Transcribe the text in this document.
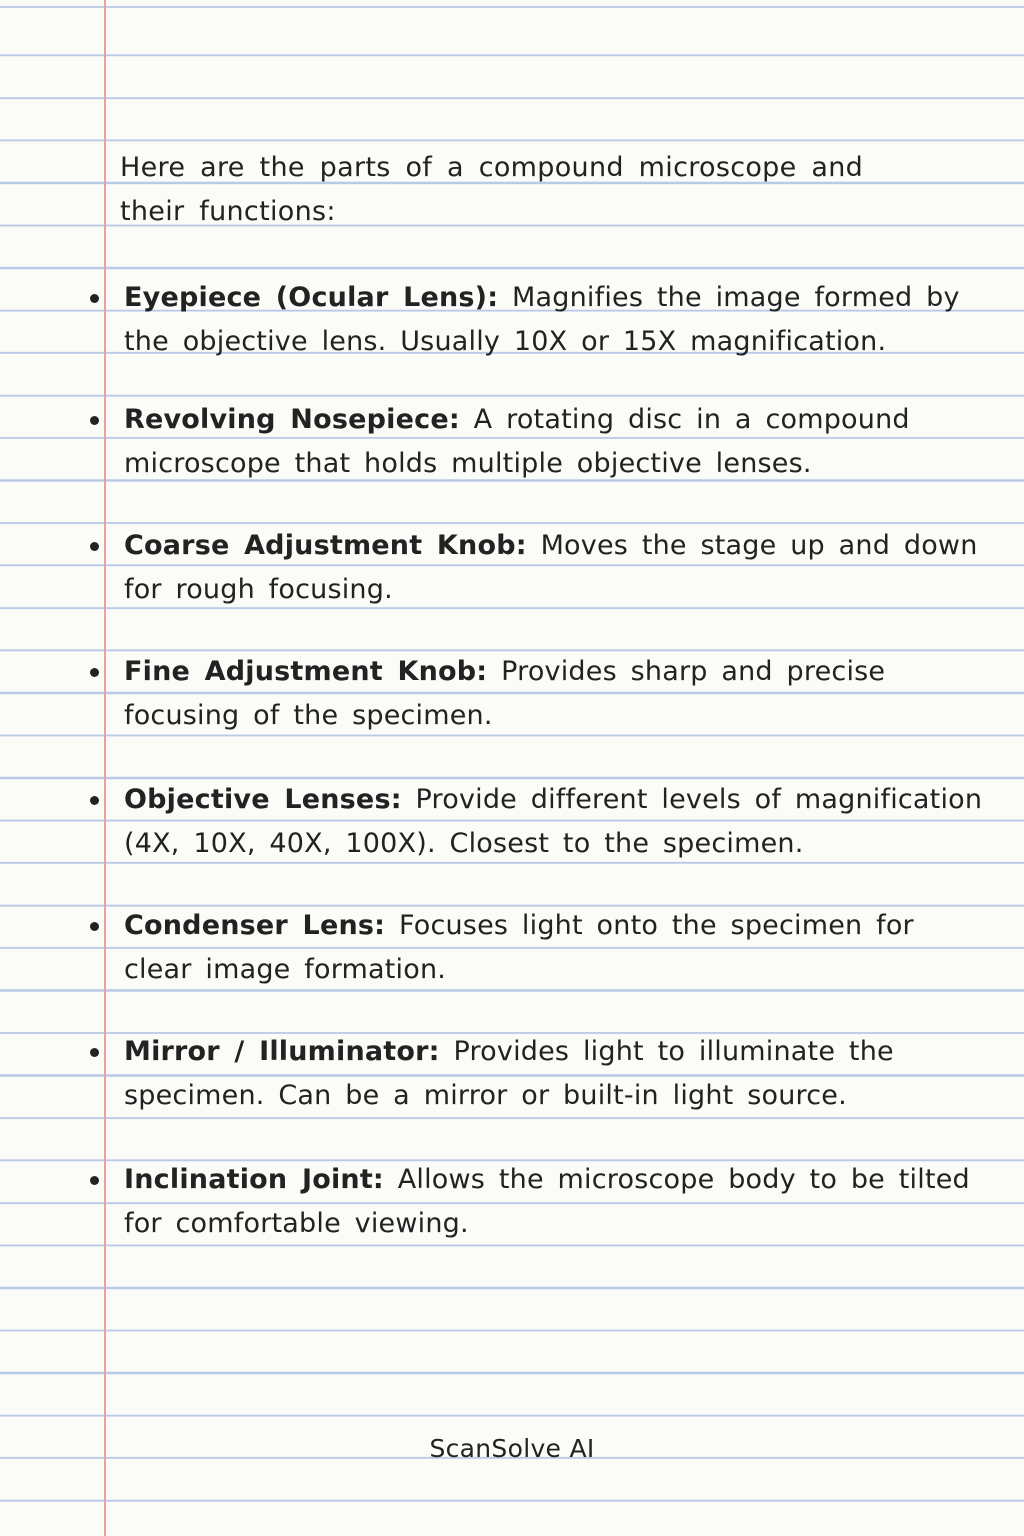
Here are the parts of a compound microscope and their functions:

Eyepiece (Ocular Lens): Magnifies the image formed by the objective lens. Usually 10X or 15X magnification.
Revolving Nosepiece: A rotating disc in a compound microscope that holds multiple objective lenses.
Coarse Adjustment Knob: Moves the stage up and down for rough focusing.
Fine Adjustment Knob: Provides sharp and precise focusing of the specimen.
Objective Lenses: Provide different levels of magnification (4X, 10X, 40X, 100X). Closest to the specimen.
Condenser Lens: Focuses light onto the specimen for clear image formation.
Mirror / Illuminator: Provides light to illuminate the specimen. Can be a mirror or built-in light source.
Inclination Joint: Allows the microscope body to be tilted for comfortable viewing.
ScanSolve AI
